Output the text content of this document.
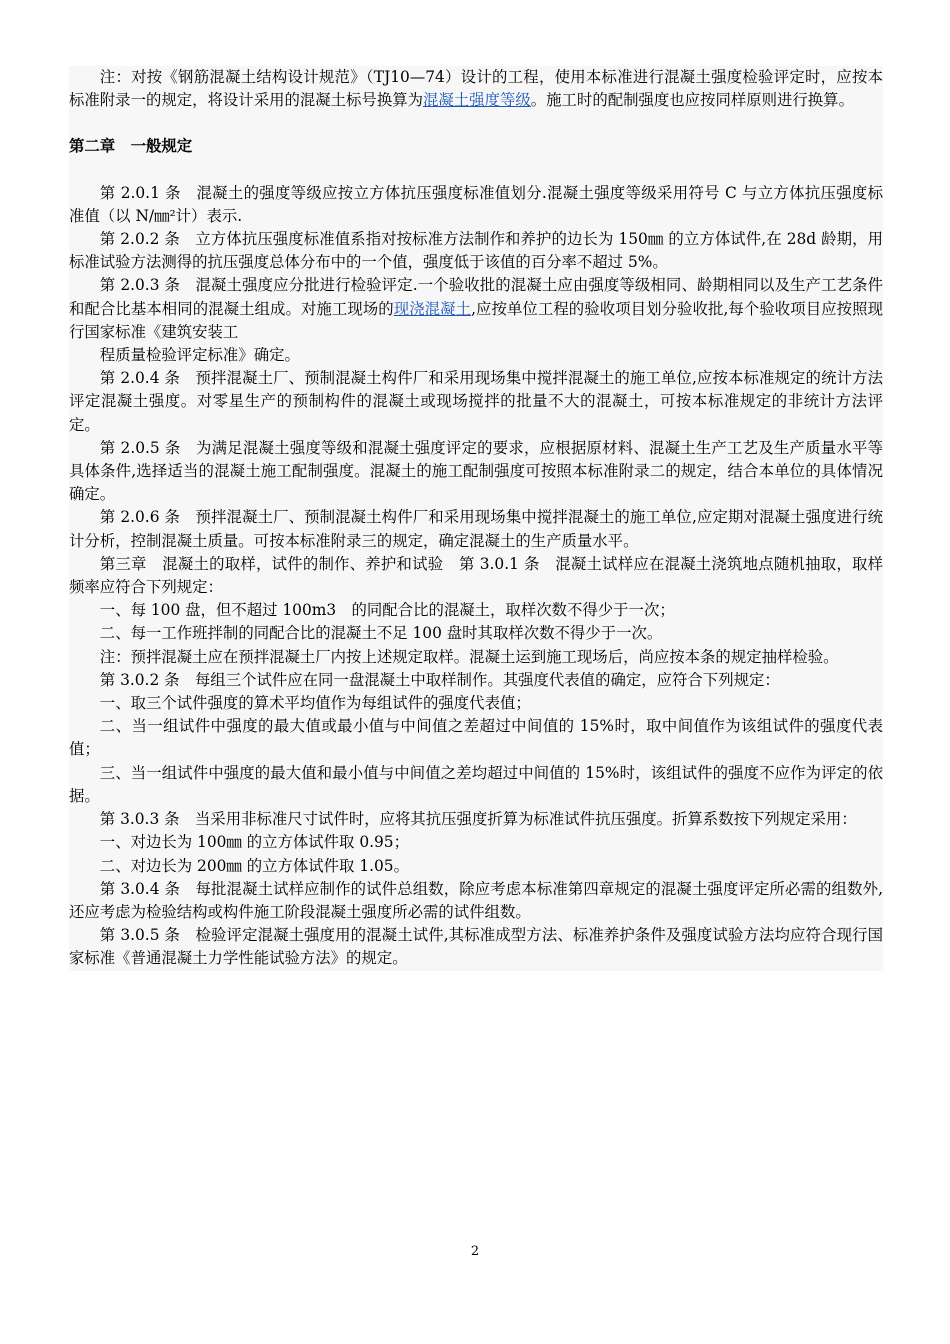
注：对按《钢筋混凝土结构设计规范》（TJ10—74）设计的工程，使用本标准进行混凝土强度检验评定时，应按本标准附录一的规定，将设计采用的混凝土标号换算为混凝土强度等级。施工时的配制强度也应按同样原则进行换算。

第二章　一般规定

第 2.0.1 条　混凝土的强度等级应按立方体抗压强度标准值划分.混凝土强度等级采用符号 C 与立方体抗压强度标准值（以 N/㎜²计）表示.

第 2.0.2 条　立方体抗压强度标准值系指对按标准方法制作和养护的边长为 150㎜ 的立方体试件,在 28d 龄期，用标准试验方法测得的抗压强度总体分布中的一个值，强度低于该值的百分率不超过 5%。

第 2.0.3 条　混凝土强度应分批进行检验评定.一个验收批的混凝土应由强度等级相同、龄期相同以及生产工艺条件和配合比基本相同的混凝土组成。对施工现场的现浇混凝土,应按单位工程的验收项目划分验收批,每个验收项目应按照现行国家标准《建筑安装工

程质量检验评定标准》确定。

第 2.0.4 条　预拌混凝土厂、预制混凝土构件厂和采用现场集中搅拌混凝土的施工单位,应按本标准规定的统计方法评定混凝土强度。对零星生产的预制构件的混凝土或现场搅拌的批量不大的混凝土，可按本标准规定的非统计方法评定。

第 2.0.5 条　为满足混凝土强度等级和混凝土强度评定的要求，应根据原材料、混凝土生产工艺及生产质量水平等具体条件,选择适当的混凝土施工配制强度。混凝土的施工配制强度可按照本标准附录二的规定，结合本单位的具体情况确定。

第 2.0.6 条　预拌混凝土厂、预制混凝土构件厂和采用现场集中搅拌混凝土的施工单位,应定期对混凝土强度进行统计分析，控制混凝土质量。可按本标准附录三的规定，确定混凝土的生产质量水平。

第三章　混凝土的取样，试件的制作、养护和试验　第 3.0.1 条　混凝土试样应在混凝土浇筑地点随机抽取，取样频率应符合下列规定：

一、每 100 盘，但不超过 100m3　的同配合比的混凝土，取样次数不得少于一次；

二、每一工作班拌制的同配合比的混凝土不足 100 盘时其取样次数不得少于一次。

注：预拌混凝土应在预拌混凝土厂内按上述规定取样。混凝土运到施工现场后，尚应按本条的规定抽样检验。

第 3.0.2 条　每组三个试件应在同一盘混凝土中取样制作。其强度代表值的确定，应符合下列规定：

一、取三个试件强度的算术平均值作为每组试件的强度代表值；

二、当一组试件中强度的最大值或最小值与中间值之差超过中间值的 15%时，取中间值作为该组试件的强度代表值；

三、当一组试件中强度的最大值和最小值与中间值之差均超过中间值的 15%时，该组试件的强度不应作为评定的依据。

第 3.0.3 条　当采用非标准尺寸试件时，应将其抗压强度折算为标准试件抗压强度。折算系数按下列规定采用：

一、对边长为 100㎜ 的立方体试件取 0.95；

二、对边长为 200㎜ 的立方体试件取 1.05。

第 3.0.4 条　每批混凝土试样应制作的试件总组数，除应考虑本标准第四章规定的混凝土强度评定所必需的组数外,还应考虑为检验结构或构件施工阶段混凝土强度所必需的试件组数。

第 3.0.5 条　检验评定混凝土强度用的混凝土试件,其标准成型方法、标准养护条件及强度试验方法均应符合现行国家标准《普通混凝土力学性能试验方法》的规定。

2
